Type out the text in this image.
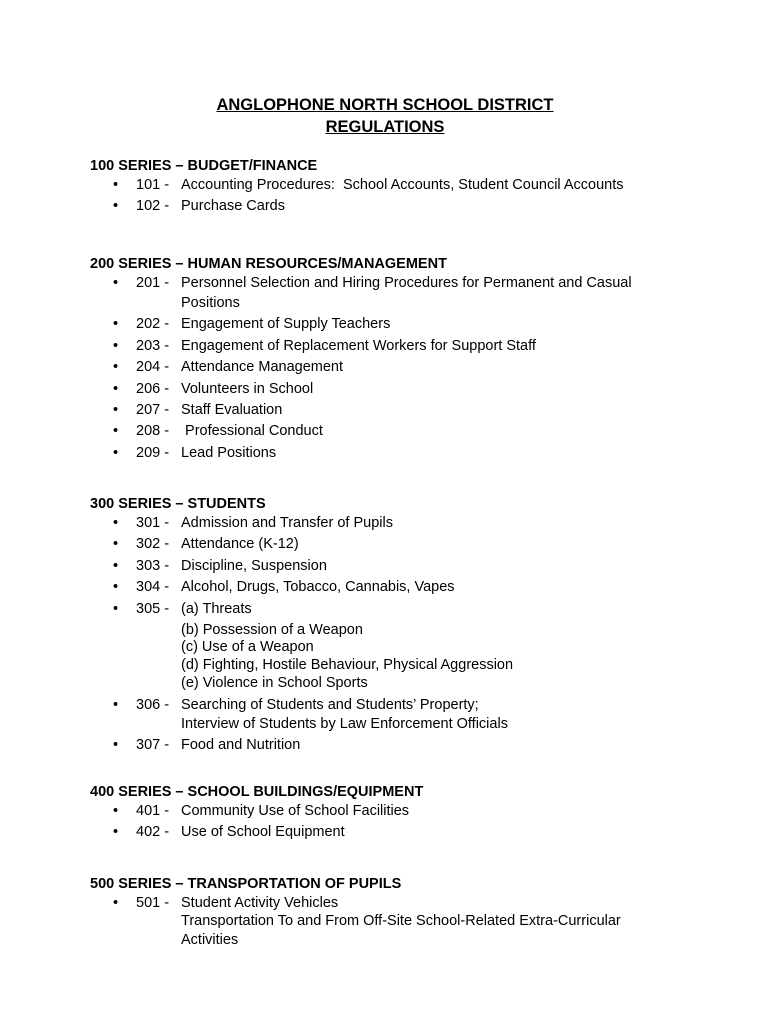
ANGLOPHONE NORTH SCHOOL DISTRICT
REGULATIONS
100 SERIES – BUDGET/FINANCE
• 101 - Accounting Procedures:  School Accounts, Student Council Accounts
• 102 - Purchase Cards
200 SERIES – HUMAN RESOURCES/MANAGEMENT
• 201 - Personnel Selection and Hiring Procedures for Permanent and Casual
Positions
• 202 - Engagement of Supply Teachers
• 203 - Engagement of Replacement Workers for Support Staff
• 204 - Attendance Management
• 206 - Volunteers in School
• 207 - Staff Evaluation
• 208 - Professional Conduct
• 209 - Lead Positions
300 SERIES – STUDENTS
• 301 - Admission and Transfer of Pupils
• 302 - Attendance (K-12)
• 303 - Discipline, Suspension
• 304 - Alcohol, Drugs, Tobacco, Cannabis, Vapes
• 305 - (a) Threats
(b) Possession of a Weapon
(c) Use of a Weapon
(d) Fighting, Hostile Behaviour, Physical Aggression
(e) Violence in School Sports
• 306 - Searching of Students and Students’ Property;
Interview of Students by Law Enforcement Officials
• 307 - Food and Nutrition
400 SERIES – SCHOOL BUILDINGS/EQUIPMENT
• 401 - Community Use of School Facilities
• 402 - Use of School Equipment
500 SERIES – TRANSPORTATION OF PUPILS
• 501 - Student Activity Vehicles
Transportation To and From Off-Site School-Related Extra-Curricular
Activities
